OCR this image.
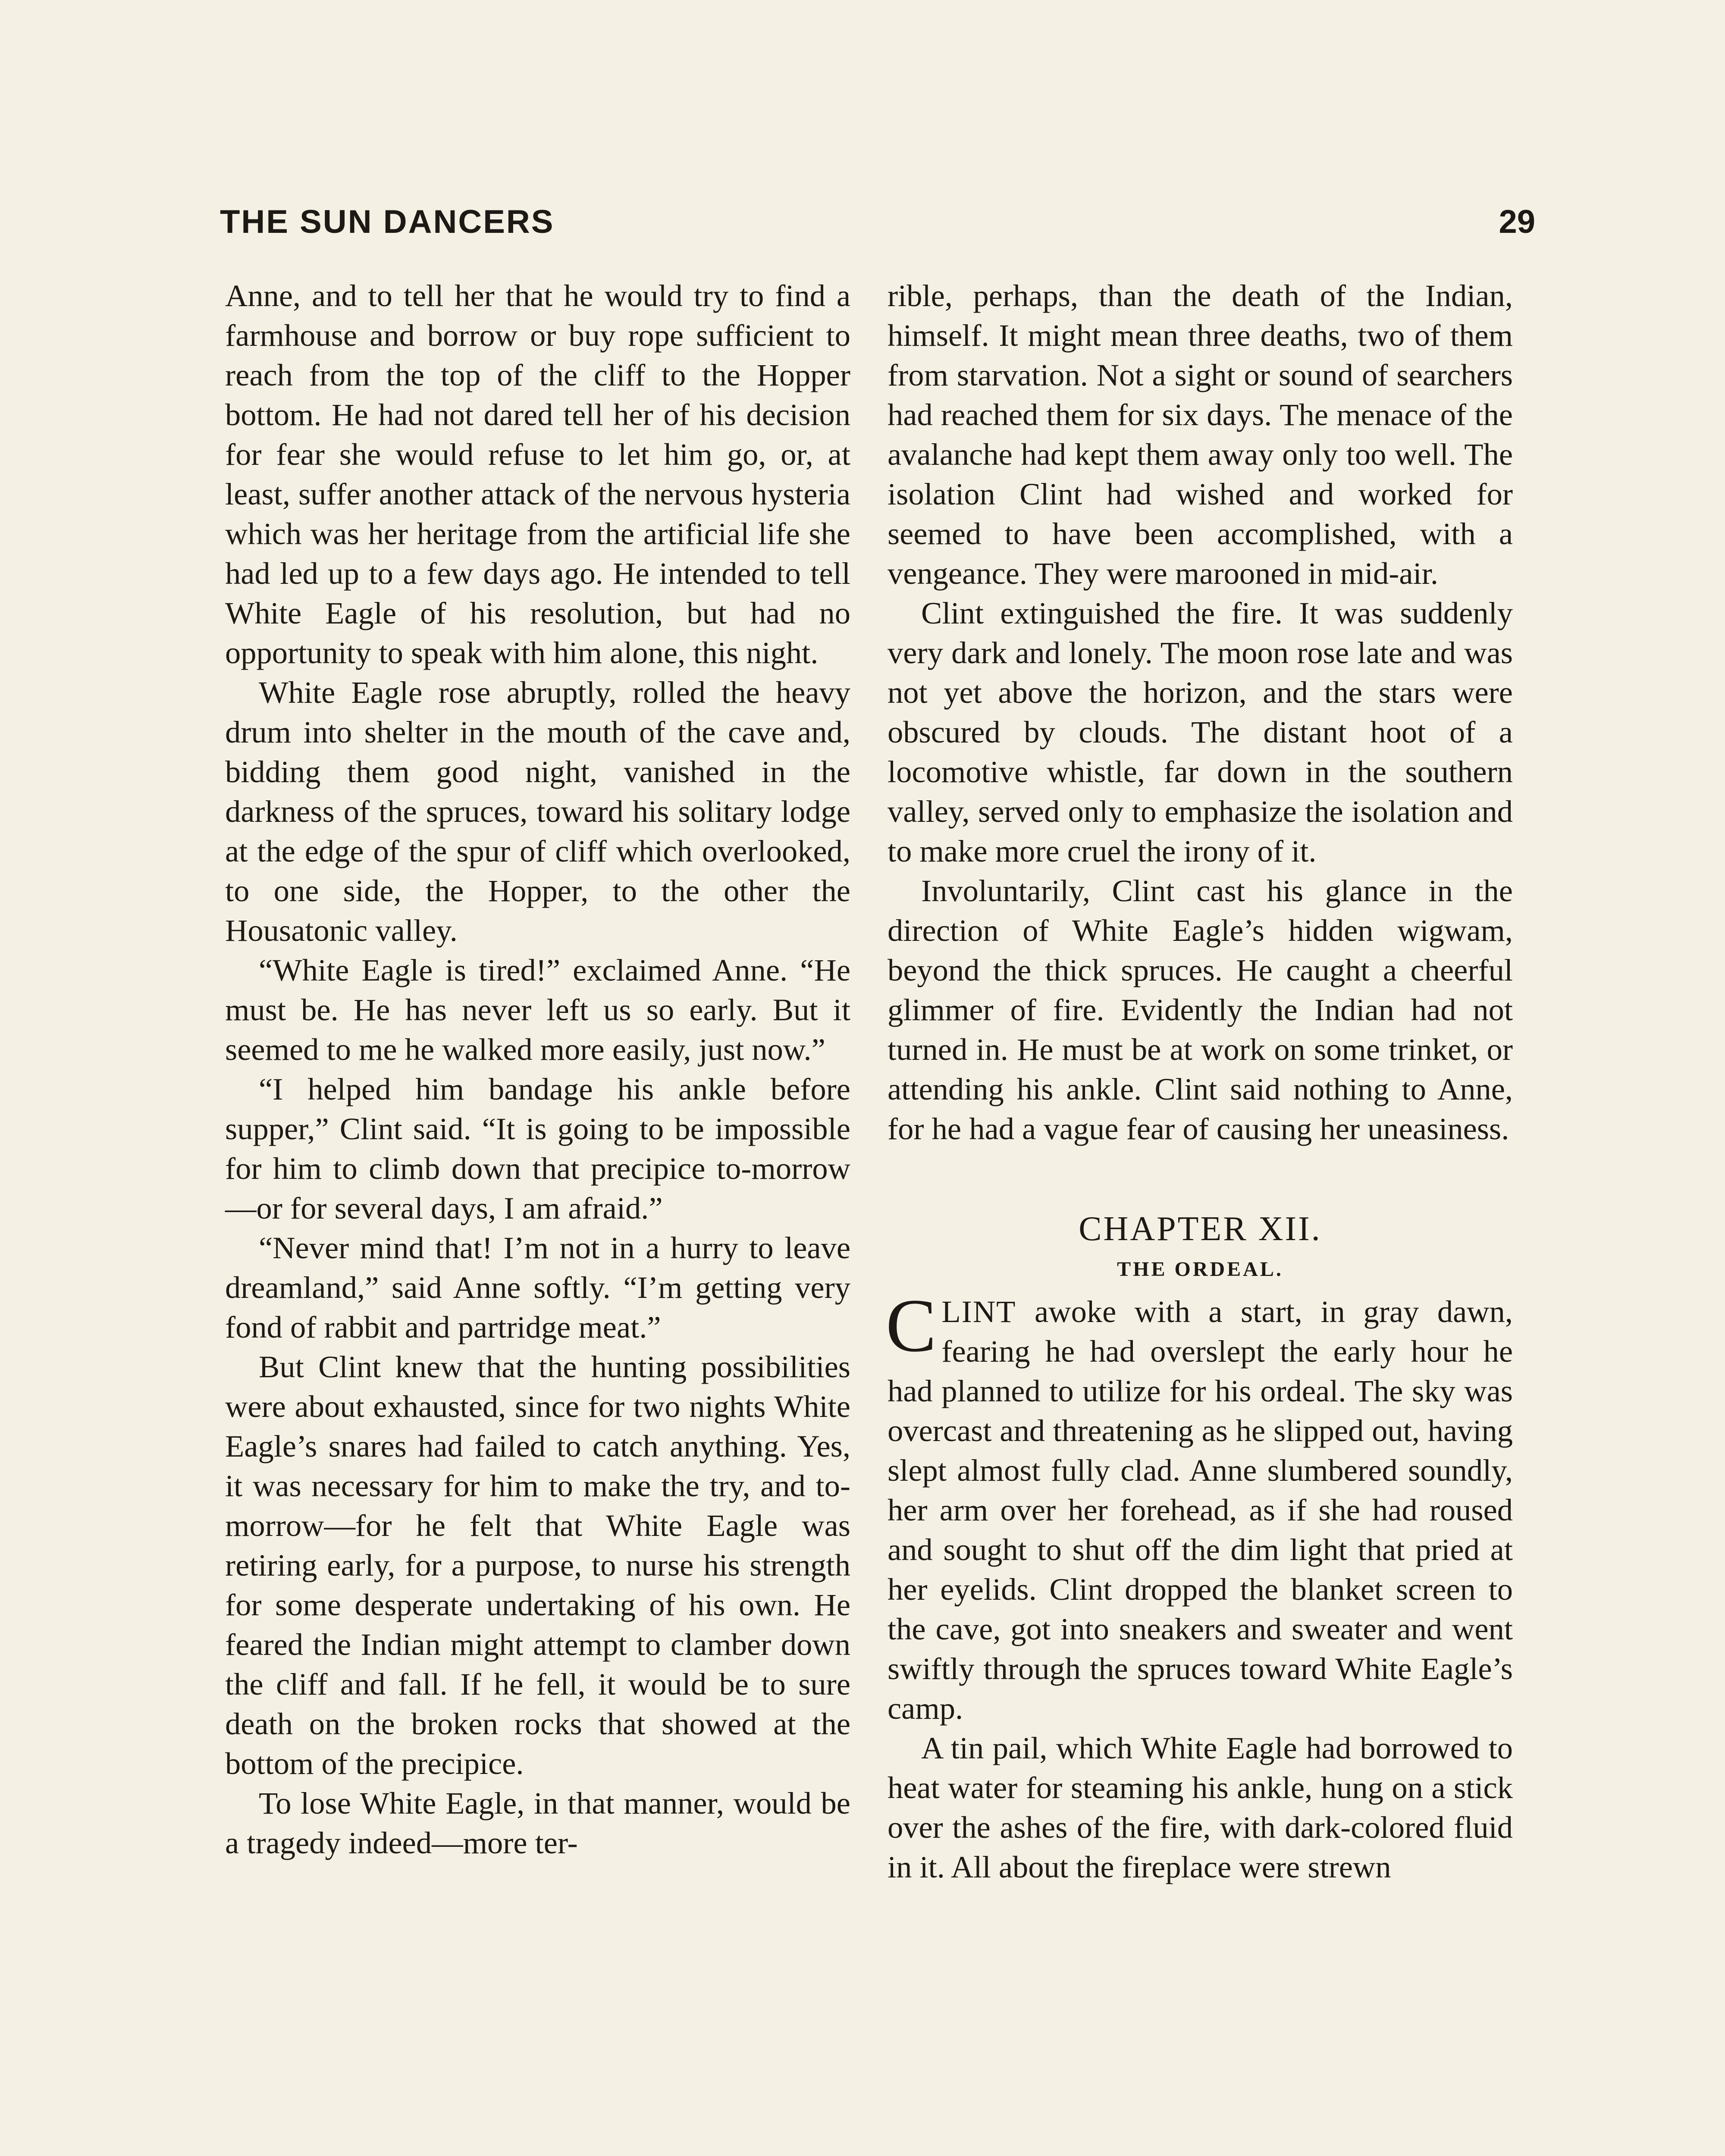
THE SUN DANCERS	29

Anne, and to tell her that he would try to find a farmhouse and borrow or buy rope sufficient to reach from the top of the cliff to the Hopper bottom. He had not dared tell her of his decision for fear she would refuse to let him go, or, at least, suffer another attack of the nervous hysteria which was her heritage from the artificial life she had led up to a few days ago. He intended to tell White Eagle of his resolution, but had no opportunity to speak with him alone, this night.

White Eagle rose abruptly, rolled the heavy drum into shelter in the mouth of the cave and, bidding them good night, vanished in the darkness of the spruces, toward his solitary lodge at the edge of the spur of cliff which overlooked, to one side, the Hopper, to the other the Housatonic valley.

“White Eagle is tired!” exclaimed Anne. “He must be. He has never left us so early. But it seemed to me he walked more easily, just now.”

“I helped him bandage his ankle before supper,” Clint said. “It is going to be impossible for him to climb down that precipice to-morrow—or for several days, I am afraid.”

“Never mind that! I’m not in a hurry to leave dreamland,” said Anne softly. “I’m getting very fond of rabbit and partridge meat.”

But Clint knew that the hunting possibilities were about exhausted, since for two nights White Eagle’s snares had failed to catch anything. Yes, it was necessary for him to make the try, and to-morrow—for he felt that White Eagle was retiring early, for a purpose, to nurse his strength for some desperate undertaking of his own. He feared the Indian might attempt to clamber down the cliff and fall. If he fell, it would be to sure death on the broken rocks that showed at the bottom of the precipice.

To lose White Eagle, in that manner, would be a tragedy indeed—more ter-

rible, perhaps, than the death of the Indian, himself. It might mean three deaths, two of them from starvation. Not a sight or sound of searchers had reached them for six days. The menace of the avalanche had kept them away only too well. The isolation Clint had wished and worked for seemed to have been accomplished, with a vengeance. They were marooned in mid-air.

Clint extinguished the fire. It was suddenly very dark and lonely. The moon rose late and was not yet above the horizon, and the stars were obscured by clouds. The distant hoot of a locomotive whistle, far down in the southern valley, served only to emphasize the isolation and to make more cruel the irony of it.

Involuntarily, Clint cast his glance in the direction of White Eagle’s hidden wigwam, beyond the thick spruces. He caught a cheerful glimmer of fire. Evidently the Indian had not turned in. He must be at work on some trinket, or attending his ankle. Clint said nothing to Anne, for he had a vague fear of causing her uneasiness.

CHAPTER XII.
THE ORDEAL.

CLINT awoke with a start, in gray dawn, fearing he had overslept the early hour he had planned to utilize for his ordeal. The sky was overcast and threatening as he slipped out, having slept almost fully clad. Anne slumbered soundly, her arm over her forehead, as if she had roused and sought to shut off the dim light that pried at her eyelids. Clint dropped the blanket screen to the cave, got into sneakers and sweater and went swiftly through the spruces toward White Eagle’s camp.

A tin pail, which White Eagle had borrowed to heat water for steaming his ankle, hung on a stick over the ashes of the fire, with dark-colored fluid in it. All about the fireplace were strewn
